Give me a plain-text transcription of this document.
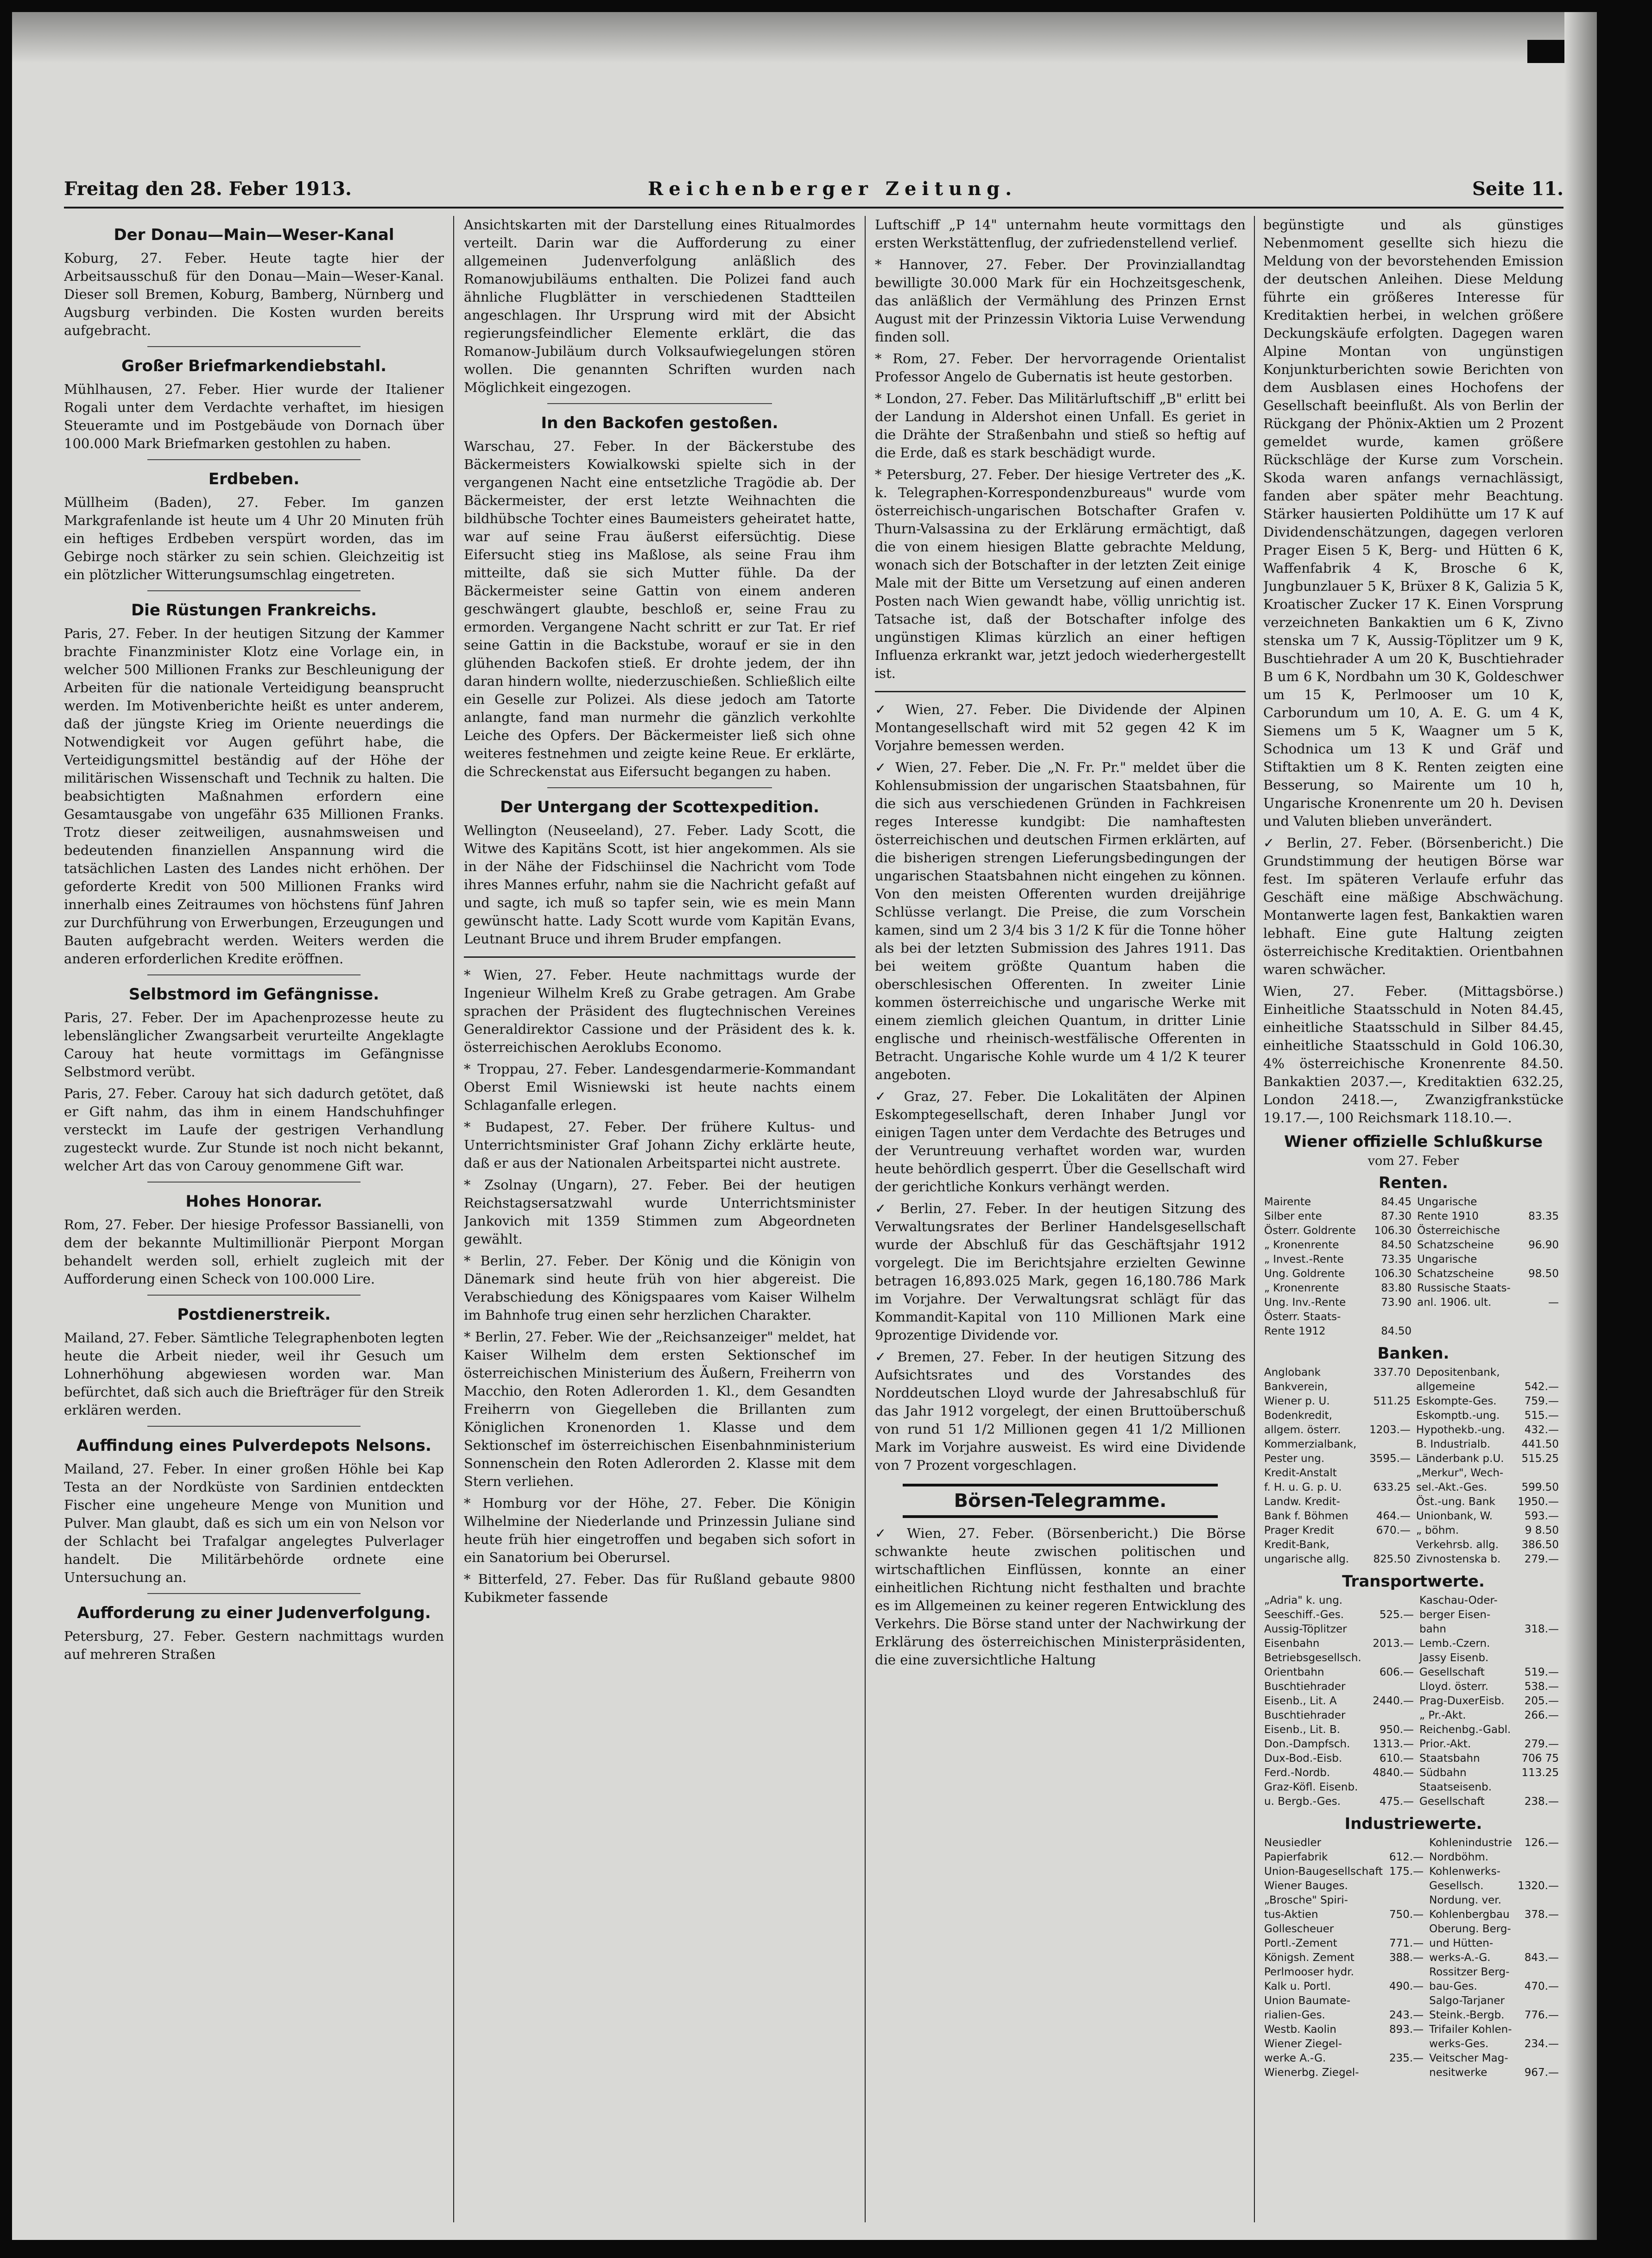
Freitag den 28. Feber 1913.	Reichenberger Zeitung.	Seite 11.
Der Donau—Main—Weser-Kanal

Koburg, 27. Feber. Heute tagte hier der Arbeitsausschuß für den Donau—Main—Weser-Kanal. Dieser soll Bremen, Koburg, Bamberg, Nürnberg und Augsburg verbinden. Die Kosten wurden bereits aufgebracht.

Großer Briefmarkendiebstahl.

Mühlhausen, 27. Feber. Hier wurde der Italiener Rogali unter dem Verdachte verhaftet, im hiesigen Steueramte und im Postgebäude von Dornach über 100.000 Mark Briefmarken gestohlen zu haben.

Erdbeben.

Müllheim (Baden), 27. Feber. Im ganzen Markgrafenlande ist heute um 4 Uhr 20 Minuten früh ein heftiges Erdbeben verspürt worden, das im Gebirge noch stärker zu sein schien. Gleichzeitig ist ein plötzlicher Witterungsumschlag eingetreten.

Die Rüstungen Frankreichs.

Paris, 27. Feber. In der heutigen Sitzung der Kammer brachte Finanzminister Klotz eine Vorlage ein, in welcher 500 Millionen Franks zur Beschleunigung der Arbeiten für die nationale Verteidigung beansprucht werden. Im Motivenberichte heißt es unter anderem, daß der jüngste Krieg im Oriente neuerdings die Notwendigkeit vor Augen geführt habe, die Verteidigungsmittel beständig auf der Höhe der militärischen Wissenschaft und Technik zu halten. Die beabsichtigten Maßnahmen erfordern eine Gesamtausgabe von ungefähr 635 Millionen Franks. Trotz dieser zeitweiligen, ausnahmsweisen und bedeutenden finanziellen Anspannung wird die tatsächlichen Lasten des Landes nicht erhöhen. Der geforderte Kredit von 500 Millionen Franks wird innerhalb eines Zeitraumes von höchstens fünf Jahren zur Durchführung von Erwerbungen, Erzeugungen und Bauten aufgebracht werden. Weiters werden die anderen erforderlichen Kredite eröffnen.

Selbstmord im Gefängnisse.

Paris, 27. Feber. Der im Apachenprozesse heute zu lebenslänglicher Zwangsarbeit verurteilte Angeklagte Carouy hat heute vormittags im Gefängnisse Selbstmord verübt.

Paris, 27. Feber. Carouy hat sich dadurch getötet, daß er Gift nahm, das ihm in einem Handschuhfinger versteckt im Laufe der gestrigen Verhandlung zugesteckt wurde. Zur Stunde ist noch nicht bekannt, welcher Art das von Carouy genommene Gift war.

Hohes Honorar.

Rom, 27. Feber. Der hiesige Professor Bassianelli, von dem der bekannte Multimillionär Pierpont Morgan behandelt werden soll, erhielt zugleich mit der Aufforderung einen Scheck von 100.000 Lire.

Postdienerstreik.

Mailand, 27. Feber. Sämtliche Telegraphenboten legten heute die Arbeit nieder, weil ihr Gesuch um Lohnerhöhung abgewiesen worden war. Man befürchtet, daß sich auch die Briefträger für den Streik erklären werden.

Auffindung eines Pulverdepots Nelsons.

Mailand, 27. Feber. In einer großen Höhle bei Kap Testa an der Nordküste von Sardinien entdeckten Fischer eine ungeheure Menge von Munition und Pulver. Man glaubt, daß es sich um ein von Nelson vor der Schlacht bei Trafalgar angelegtes Pulverlager handelt. Die Militärbehörde ordnete eine Untersuchung an.

Aufforderung zu einer Judenverfolgung.

Petersburg, 27. Feber. Gestern nachmittags wurden auf mehreren Straßen

Ansichtskarten mit der Darstellung eines Ritualmordes verteilt. Darin war die Aufforderung zu einer allgemeinen Judenverfolgung anläßlich des Romanowjubiläums enthalten. Die Polizei fand auch ähnliche Flugblätter in verschiedenen Stadtteilen angeschlagen. Ihr Ursprung wird mit der Absicht regierungsfeindlicher Elemente erklärt, die das Romanow-Jubiläum durch Volksaufwiegelungen stören wollen. Die genannten Schriften wurden nach Möglichkeit eingezogen.

In den Backofen gestoßen.

Warschau, 27. Feber. In der Bäckerstube des Bäckermeisters Kowialkowski spielte sich in der vergangenen Nacht eine entsetzliche Tragödie ab. Der Bäckermeister, der erst letzte Weihnachten die bildhübsche Tochter eines Baumeisters geheiratet hatte, war auf seine Frau äußerst eifersüchtig. Diese Eifersucht stieg ins Maßlose, als seine Frau ihm mitteilte, daß sie sich Mutter fühle. Da der Bäckermeister seine Gattin von einem anderen geschwängert glaubte, beschloß er, seine Frau zu ermorden. Vergangene Nacht schritt er zur Tat. Er rief seine Gattin in die Backstube, worauf er sie in den glühenden Backofen stieß. Er drohte jedem, der ihn daran hindern wollte, niederzuschießen. Schließlich eilte ein Geselle zur Polizei. Als diese jedoch am Tatorte anlangte, fand man nurmehr die gänzlich verkohlte Leiche des Opfers. Der Bäckermeister ließ sich ohne weiteres festnehmen und zeigte keine Reue. Er erklärte, die Schreckenstat aus Eifersucht begangen zu haben.

Der Untergang der Scottexpedition.

Wellington (Neuseeland), 27. Feber. Lady Scott, die Witwe des Kapitäns Scott, ist hier angekommen. Als sie in der Nähe der Fidschiinsel die Nachricht vom Tode ihres Mannes erfuhr, nahm sie die Nachricht gefaßt auf und sagte, ich muß so tapfer sein, wie es mein Mann gewünscht hatte. Lady Scott wurde vom Kapitän Evans, Leutnant Bruce und ihrem Bruder empfangen.

* Wien, 27. Feber. Heute nachmittags wurde der Ingenieur Wilhelm Kreß zu Grabe getragen. Am Grabe sprachen der Präsident des flugtechnischen Vereines Generaldirektor Cassione und der Präsident des k. k. österreichischen Aeroklubs Economo.

* Troppau, 27. Feber. Landesgendarmerie-Kommandant Oberst Emil Wisniewski ist heute nachts einem Schlaganfalle erlegen.

* Budapest, 27. Feber. Der frühere Kultus- und Unterrichtsminister Graf Johann Zichy erklärte heute, daß er aus der Nationalen Arbeitspartei nicht austrete.

* Zsolnay (Ungarn), 27. Feber. Bei der heutigen Reichstagsersatzwahl wurde Unterrichtsminister Jankovich mit 1359 Stimmen zum Abgeordneten gewählt.

* Berlin, 27. Feber. Der König und die Königin von Dänemark sind heute früh von hier abgereist. Die Verabschiedung des Königspaares vom Kaiser Wilhelm im Bahnhofe trug einen sehr herzlichen Charakter.

* Berlin, 27. Feber. Wie der „Reichsanzeiger" meldet, hat Kaiser Wilhelm dem ersten Sektionschef im österreichischen Ministerium des Äußern, Freiherrn von Macchio, den Roten Adlerorden 1. Kl., dem Gesandten Freiherrn von Giegelleben die Brillanten zum Königlichen Kronenorden 1. Klasse und dem Sektionschef im österreichischen Eisenbahnministerium Sonnenschein den Roten Adlerorden 2. Klasse mit dem Stern verliehen.

* Homburg vor der Höhe, 27. Feber. Die Königin Wilhelmine der Niederlande und Prinzessin Juliane sind heute früh hier eingetroffen und begaben sich sofort in ein Sanatorium bei Oberursel.

* Bitterfeld, 27. Feber. Das für Rußland gebaute 9800 Kubikmeter fassende

Luftschiff „P 14" unternahm heute vormittags den ersten Werkstättenflug, der zufriedenstellend verlief.

* Hannover, 27. Feber. Der Provinziallandtag bewilligte 30.000 Mark für ein Hochzeitsgeschenk, das anläßlich der Vermählung des Prinzen Ernst August mit der Prinzessin Viktoria Luise Verwendung finden soll.

* Rom, 27. Feber. Der hervorragende Orientalist Professor Angelo de Gubernatis ist heute gestorben.

* London, 27. Feber. Das Militärluftschiff „B" erlitt bei der Landung in Aldershot einen Unfall. Es geriet in die Drähte der Straßenbahn und stieß so heftig auf die Erde, daß es stark beschädigt wurde.

* Petersburg, 27. Feber. Der hiesige Vertreter des „K. k. Telegraphen-Korrespondenzbureaus" wurde vom österreichisch-ungarischen Botschafter Grafen v. Thurn-Valsassina zu der Erklärung ermächtigt, daß die von einem hiesigen Blatte gebrachte Meldung, wonach sich der Botschafter in der letzten Zeit einige Male mit der Bitte um Versetzung auf einen anderen Posten nach Wien gewandt habe, völlig unrichtig ist. Tatsache ist, daß der Botschafter infolge des ungünstigen Klimas kürzlich an einer heftigen Influenza erkrankt war, jetzt jedoch wiederhergestellt ist.

✓ Wien, 27. Feber. Die Dividende der Alpinen Montangesellschaft wird mit 52 gegen 42 K im Vorjahre bemessen werden.

✓ Wien, 27. Feber. Die „N. Fr. Pr." meldet über die Kohlensubmission der ungarischen Staatsbahnen, für die sich aus verschiedenen Gründen in Fachkreisen reges Interesse kundgibt: Die namhaftesten österreichischen und deutschen Firmen erklärten, auf die bisherigen strengen Lieferungsbedingungen der ungarischen Staatsbahnen nicht eingehen zu können. Von den meisten Offerenten wurden dreijährige Schlüsse verlangt. Die Preise, die zum Vorschein kamen, sind um 2 3/4 bis 3 1/2 K für die Tonne höher als bei der letzten Submission des Jahres 1911. Das bei weitem größte Quantum haben die oberschlesischen Offerenten. In zweiter Linie kommen österreichische und ungarische Werke mit einem ziemlich gleichen Quantum, in dritter Linie englische und rheinisch-westfälische Offerenten in Betracht. Ungarische Kohle wurde um 4 1/2 K teurer angeboten.

✓ Graz, 27. Feber. Die Lokalitäten der Alpinen Eskomptegesellschaft, deren Inhaber Jungl vor einigen Tagen unter dem Verdachte des Betruges und der Veruntreuung verhaftet worden war, wurden heute behördlich gesperrt. Über die Gesellschaft wird der gerichtliche Konkurs verhängt werden.

✓ Berlin, 27. Feber. In der heutigen Sitzung des Verwaltungsrates der Berliner Handelsgesellschaft wurde der Abschluß für das Geschäftsjahr 1912 vorgelegt. Die im Berichtsjahre erzielten Gewinne betragen 16,893.025 Mark, gegen 16,180.786 Mark im Vorjahre. Der Verwaltungsrat schlägt für das Kommandit-Kapital von 110 Millionen Mark eine 9prozentige Dividende vor.

✓ Bremen, 27. Feber. In der heutigen Sitzung des Aufsichtsrates und des Vorstandes des Norddeutschen Lloyd wurde der Jahresabschluß für das Jahr 1912 vorgelegt, der einen Bruttoüberschuß von rund 51 1/2 Millionen gegen 41 1/2 Millionen Mark im Vorjahre ausweist. Es wird eine Dividende von 7 Prozent vorgeschlagen.

Börsen-Telegramme.

✓ Wien, 27. Feber. (Börsenbericht.) Die Börse schwankte heute zwischen politischen und wirtschaftlichen Einflüssen, konnte an einer einheitlichen Richtung nicht festhalten und brachte es im Allgemeinen zu keiner regeren Entwicklung des Verkehrs. Die Börse stand unter der Nachwirkung der Erklärung des österreichischen Ministerpräsidenten, die eine zuversichtliche Haltung

begünstigte und als günstiges Nebenmoment gesellte sich hiezu die Meldung von der bevorstehenden Emission der deutschen Anleihen. Diese Meldung führte ein größeres Interesse für Kreditaktien herbei, in welchen größere Deckungskäufe erfolgten. Dagegen waren Alpine Montan von ungünstigen Konjunkturberichten sowie Berichten von dem Ausblasen eines Hochofens der Gesellschaft beeinflußt. Als von Berlin der Rückgang der Phönix-Aktien um 2 Prozent gemeldet wurde, kamen größere Rückschläge der Kurse zum Vorschein. Skoda waren anfangs vernachlässigt, fanden aber später mehr Beachtung. Stärker hausierten Poldihütte um 17 K auf Dividendenschätzungen, dagegen verloren Prager Eisen 5 K, Berg- und Hütten 6 K, Waffenfabrik 4 K, Brosche 6 K, Jungbunzlauer 5 K, Brüxer 8 K, Galizia 5 K, Kroatischer Zucker 17 K. Einen Vorsprung verzeichneten Bankaktien um 6 K, Zivno stenska um 7 K, Aussig-Töplitzer um 9 K, Buschtiehrader A um 20 K, Buschtiehrader B um 6 K, Nordbahn um 30 K, Goldeschwer um 15 K, Perlmooser um 10 K, Carborundum um 10, A. E. G. um 4 K, Siemens um 5 K, Waagner um 5 K, Schodnica um 13 K und Gräf und Stiftaktien um 8 K. Renten zeigten eine Besserung, so Mairente um 10 h, Ungarische Kronenrente um 20 h. Devisen und Valuten blieben unverändert.

✓ Berlin, 27. Feber. (Börsenbericht.) Die Grundstimmung der heutigen Börse war fest. Im späteren Verlaufe erfuhr das Geschäft eine mäßige Abschwächung. Montanwerte lagen fest, Bankaktien waren lebhaft. Eine gute Haltung zeigten österreichische Kreditaktien. Orientbahnen waren schwächer.

Wien, 27. Feber. (Mittagsbörse.) Einheitliche Staatsschuld in Noten 84.45, einheitliche Staatsschuld in Silber 84.45, einheitliche Staatsschuld in Gold 106.30, 4% österreichische Kronenrente 84.50. Bankaktien 2037.—, Kreditaktien 632.25, London 2418.—, Zwanzigfrankstücke 19.17.—, 100 Reichsmark 118.10.—.

Wiener offizielle Schlußkurse
vom 27. Feber
Renten.
Mairente	84.45	Ungarische	
Silber ente	87.30	Rente 1910	83.35
Österr. Goldrente	106.30	Österreichische	
„ Kronenrente	84.50	Schatzscheine	96.90
„ Invest.-Rente	73.35	Ungarische	
Ung. Goldrente	106.30	Schatzscheine	98.50
„ Kronenrente	83.80	Russische Staats-	
Ung. Inv.-Rente	73.90	anl. 1906. ult.	—
Österr. Staats-			
Rente 1912	84.50		
Banken.
Anglobank	337.70	Depositenbank,	
Bankverein,		allgemeine	542.—
Wiener p. U.	511.25	Eskompte-Ges.	759.—
Bodenkredit,		Eskomptb.-ung.	515.—
allgem. österr.	1203.—	Hypothekb.-ung.	432.—
Kommerzialbank,		B. Industrialb.	441.50
Pester ung.	3595.—	Länderbank p.U.	515.25
Kredit-Anstalt		„Merkur", Wech-	
f. H. u. G. p. U.	633.25	sel.-Akt.-Ges.	599.50
Landw. Kredit-		Öst.-ung. Bank	1950.—
Bank f. Böhmen	464.—	Unionbank, W.	593.—
Prager Kredit	670.—	„ böhm.	9 8.50
Kredit-Bank,		Verkehrsb. allg.	386.50
ungarische allg.	825.50	Zivnostenska b.	279.—
Transportwerte.
„Adria" k. ung.		Kaschau-Oder-	
Seeschiff.-Ges.	525.—	berger Eisen-	
Aussig-Töplitzer		bahn	318.—
Eisenbahn	2013.—	Lemb.-Czern.	
Betriebsgesellsch.		Jassy Eisenb.	
Orientbahn	606.—	Gesellschaft	519.—
Buschtiehrader		Lloyd. österr.	538.—
Eisenb., Lit. A	2440.—	Prag-DuxerEisb.	205.—
Buschtiehrader		„ Pr.-Akt.	266.—
Eisenb., Lit. B.	950.—	Reichenbg.-Gabl.	
Don.-Dampfsch.	1313.—	Prior.-Akt.	279.—
Dux-Bod.-Eisb.	610.—	Staatsbahn	706 75
Ferd.-Nordb.	4840.—	Südbahn	113.25
Graz-Köfl. Eisenb.		Staatseisenb.	
u. Bergb.-Ges.	475.—	Gesellschaft	238.—
Industriewerte.
Neusiedler		Kohlenindustrie	126.—
Papierfabrik	612.—	Nordböhm.	
Union-Baugesellschaft	175.—	Kohlenwerks-	
Wiener Bauges.		Gesellsch.	1320.—
„Brosche" Spiri-		Nordung. ver.	
tus-Aktien	750.—	Kohlenbergbau	378.—
Gollescheuer		Oberung. Berg-	
Portl.-Zement	771.—	und Hütten-	
Königsh. Zement	388.—	werks-A.-G.	843.—
Perlmooser hydr.		Rossitzer Berg-	
Kalk u. Portl.	490.—	bau-Ges.	470.—
Union Baumate-		Salgo-Tarjaner	
rialien-Ges.	243.—	Steink.-Bergb.	776.—
Westb. Kaolin	893.—	Trifailer Kohlen-	
Wiener Ziegel-		werks-Ges.	234.—
werke A.-G.	235.—	Veitscher Mag-	
Wienerbg. Ziegel-		nesitwerke	967.—
